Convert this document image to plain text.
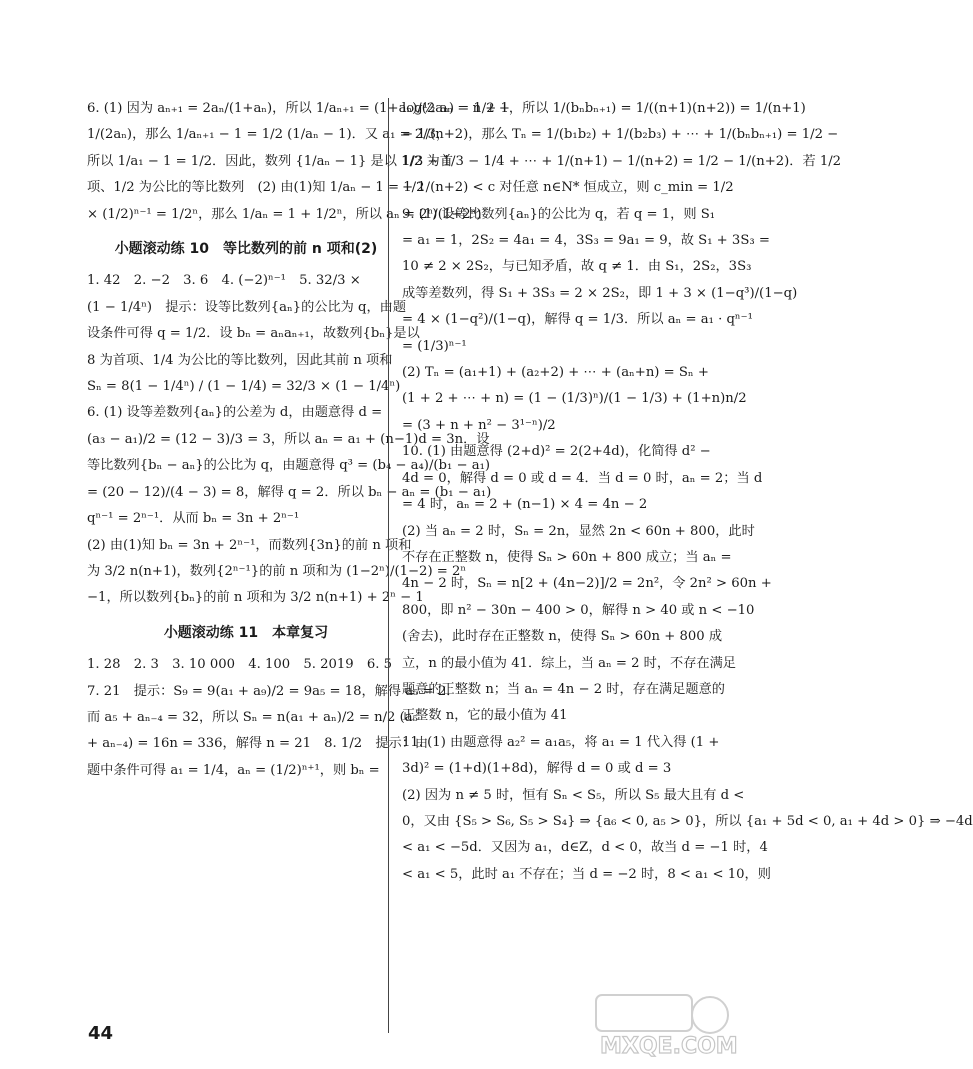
6. (1) 因为 aₙ₊₁ = 2aₙ/(1+aₙ)，所以 1/aₙ₊₁ = (1+aₙ)/(2aₙ) = 1/2 +
1/(2aₙ)，那么 1/aₙ₊₁ − 1 = 1/2 (1/aₙ − 1)．又 a₁ = 2/3，
所以 1/a₁ − 1 = 1/2．因此，数列 {1/aₙ − 1} 是以 1/2 为首
项、1/2 为公比的等比数列　(2) 由(1)知 1/aₙ − 1 = 1/2
× (1/2)ⁿ⁻¹ = 1/2ⁿ，那么 1/aₙ = 1 + 1/2ⁿ，所以 aₙ = 2ⁿ/(1+2ⁿ)
小题滚动练 10　等比数列的前 n 项和(2)
1. 42　2. −2　3. 6　4. (−2)ⁿ⁻¹　5. 32/3 ×
(1 − 1/4ⁿ)　提示：设等比数列{aₙ}的公比为 q，由题
设条件可得 q = 1/2．设 bₙ = aₙaₙ₊₁，故数列{bₙ}是以
8 为首项、1/4 为公比的等比数列，因此其前 n 项和
Sₙ = 8(1 − 1/4ⁿ) / (1 − 1/4) = 32/3 × (1 − 1/4ⁿ)
6. (1) 设等差数列{aₙ}的公差为 d，由题意得 d =
(a₃ − a₁)/2 = (12 − 3)/3 = 3，所以 aₙ = a₁ + (n−1)d = 3n．设
等比数列{bₙ − aₙ}的公比为 q，由题意得 q³ = (b₄ − a₄)/(b₁ − a₁)
= (20 − 12)/(4 − 3) = 8，解得 q = 2．所以 bₙ − aₙ = (b₁ − a₁)
qⁿ⁻¹ = 2ⁿ⁻¹．从而 bₙ = 3n + 2ⁿ⁻¹
(2) 由(1)知 bₙ = 3n + 2ⁿ⁻¹，而数列{3n}的前 n 项和
为 3/2 n(n+1)，数列{2ⁿ⁻¹}的前 n 项和为 (1−2ⁿ)/(1−2) = 2ⁿ
−1，所以数列{bₙ}的前 n 项和为 3/2 n(n+1) + 2ⁿ − 1
小题滚动练 11　本章复习
1. 28　2. 3　3. 10 000　4. 100　5. 2019　6. 5
7. 21　提示：S₉ = 9(a₁ + a₉)/2 = 9a₅ = 18，解得 a₅ = 2．
而 a₅ + aₙ₋₄ = 32，所以 Sₙ = n(a₁ + aₙ)/2 = n/2 (a₅
+ aₙ₋₄) = 16n = 336，解得 n = 21　8. 1/2　提示：由
题中条件可得 a₁ = 1/4，aₙ = (1/2)ⁿ⁺¹，则 bₙ =
log½ aₙ = n + 1，所以 1/(bₙbₙ₊₁) = 1/((n+1)(n+2)) = 1/(n+1)
− 1/(n+2)，那么 Tₙ = 1/(b₁b₂) + 1/(b₂b₃) + ⋯ + 1/(bₙbₙ₊₁) = 1/2 −
1/3 + 1/3 − 1/4 + ⋯ + 1/(n+1) − 1/(n+2) = 1/2 − 1/(n+2)．若 1/2
− 1/(n+2) < c 对任意 n∈N* 恒成立，则 c_min = 1/2
9. (1) 设等比数列{aₙ}的公比为 q，若 q = 1，则 S₁
= a₁ = 1，2S₂ = 4a₁ = 4，3S₃ = 9a₁ = 9，故 S₁ + 3S₃ =
10 ≠ 2 × 2S₂，与已知矛盾，故 q ≠ 1．由 S₁，2S₂，3S₃
成等差数列，得 S₁ + 3S₃ = 2 × 2S₂，即 1 + 3 × (1−q³)/(1−q)
= 4 × (1−q²)/(1−q)，解得 q = 1/3．所以 aₙ = a₁ · qⁿ⁻¹
= (1/3)ⁿ⁻¹
(2) Tₙ = (a₁+1) + (a₂+2) + ⋯ + (aₙ+n) = Sₙ +
(1 + 2 + ⋯ + n) = (1 − (1/3)ⁿ)/(1 − 1/3) + (1+n)n/2
= (3 + n + n² − 3¹⁻ⁿ)/2
10. (1) 由题意得 (2+d)² = 2(2+4d)，化简得 d² −
4d = 0，解得 d = 0 或 d = 4．当 d = 0 时，aₙ = 2；当 d
= 4 时，aₙ = 2 + (n−1) × 4 = 4n − 2
(2) 当 aₙ = 2 时，Sₙ = 2n，显然 2n < 60n + 800，此时
不存在正整数 n，使得 Sₙ > 60n + 800 成立；当 aₙ =
4n − 2 时，Sₙ = n[2 + (4n−2)]/2 = 2n²，令 2n² > 60n +
800，即 n² − 30n − 400 > 0，解得 n > 40 或 n < −10
(舍去)，此时存在正整数 n，使得 Sₙ > 60n + 800 成
立，n 的最小值为 41．综上，当 aₙ = 2 时，不存在满足
题意的正整数 n；当 aₙ = 4n − 2 时，存在满足题意的
正整数 n，它的最小值为 41
11. (1) 由题意得 a₂² = a₁a₅，将 a₁ = 1 代入得 (1 +
3d)² = (1+d)(1+8d)，解得 d = 0 或 d = 3
(2) 因为 n ≠ 5 时，恒有 Sₙ < S₅，所以 S₅ 最大且有 d <
0，又由 {S₅ > S₆, S₅ > S₄} ⇒ {a₆ < 0, a₅ > 0}，所以 {a₁ + 5d < 0, a₁ + 4d > 0} ⇒ −4d
< a₁ < −5d．又因为 a₁，d∈Z，d < 0，故当 d = −1 时，4
< a₁ < 5，此时 a₁ 不存在；当 d = −2 时，8 < a₁ < 10，则
44
MXQE.COM
